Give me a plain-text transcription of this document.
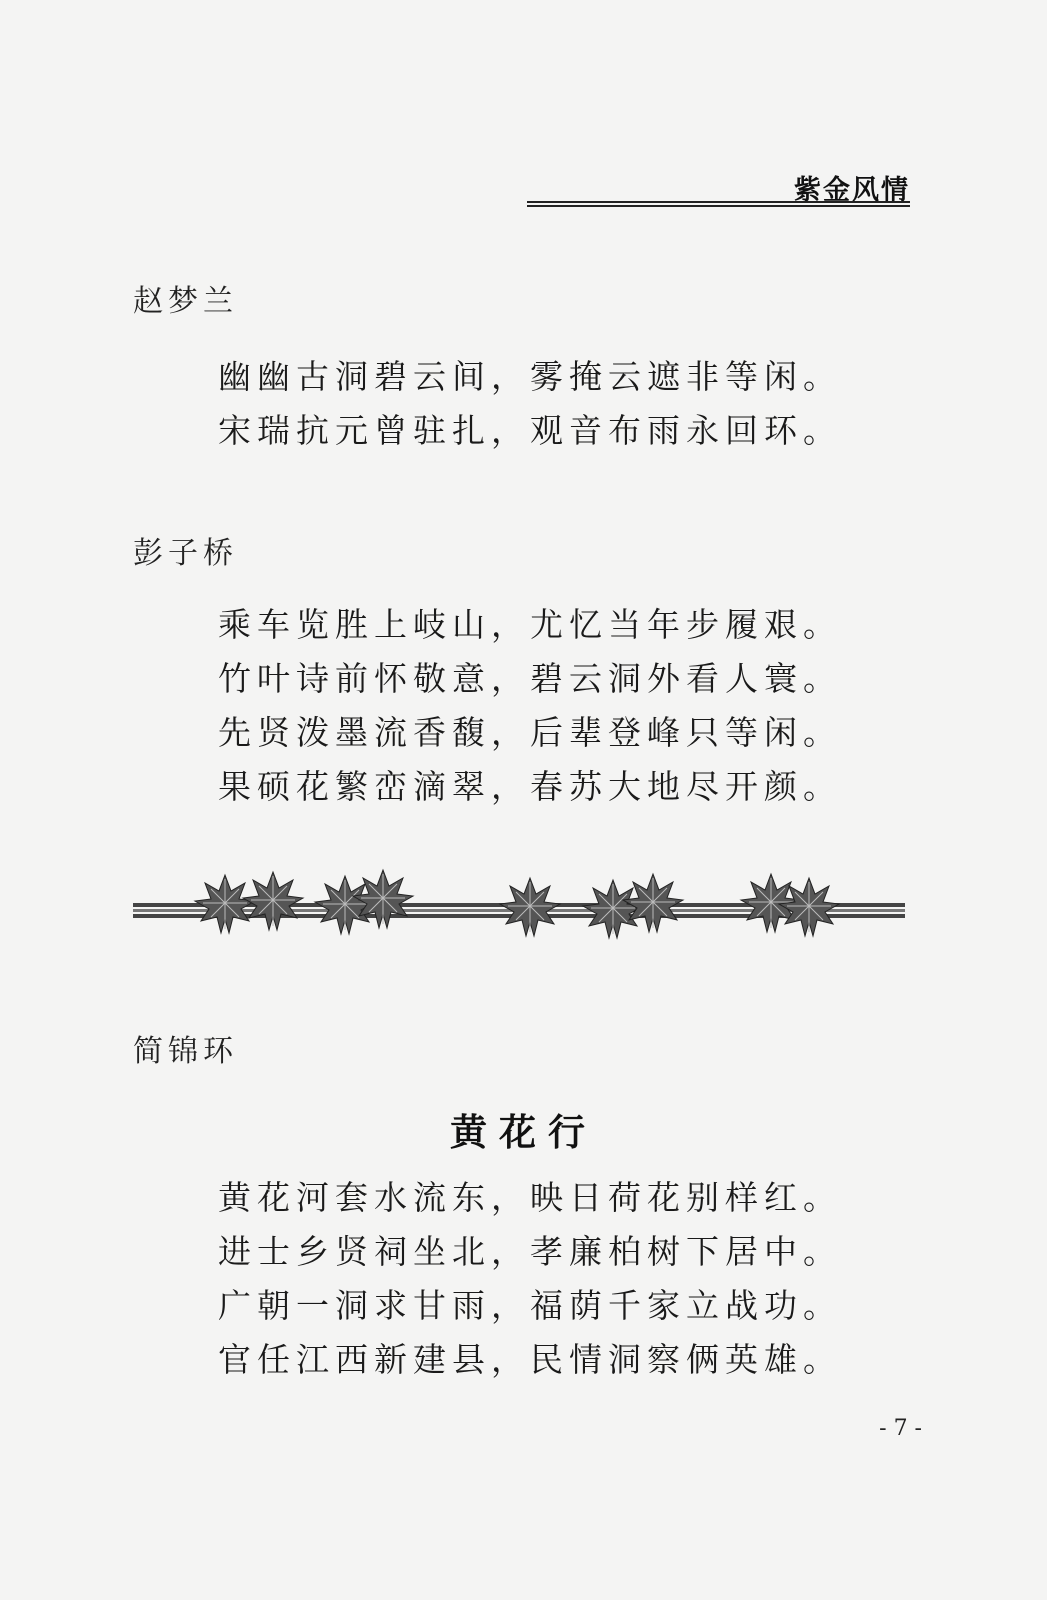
紫金风情
赵梦兰
幽幽古洞碧云间，雾掩云遮非等闲。
宋瑞抗元曾驻扎，观音布雨永回环。
彭子桥
乘车览胜上岐山，尤忆当年步履艰。
竹叶诗前怀敬意，碧云洞外看人寰。
先贤泼墨流香馥，后辈登峰只等闲。
果硕花繁峦滴翠，春苏大地尽开颜。
简锦环
黄花行
黄花河套水流东，映日荷花别样红。
进士乡贤祠坐北，孝廉柏树下居中。
广朝一洞求甘雨，福荫千家立战功。
官任江西新建县，民情洞察俩英雄。
- 7 -
